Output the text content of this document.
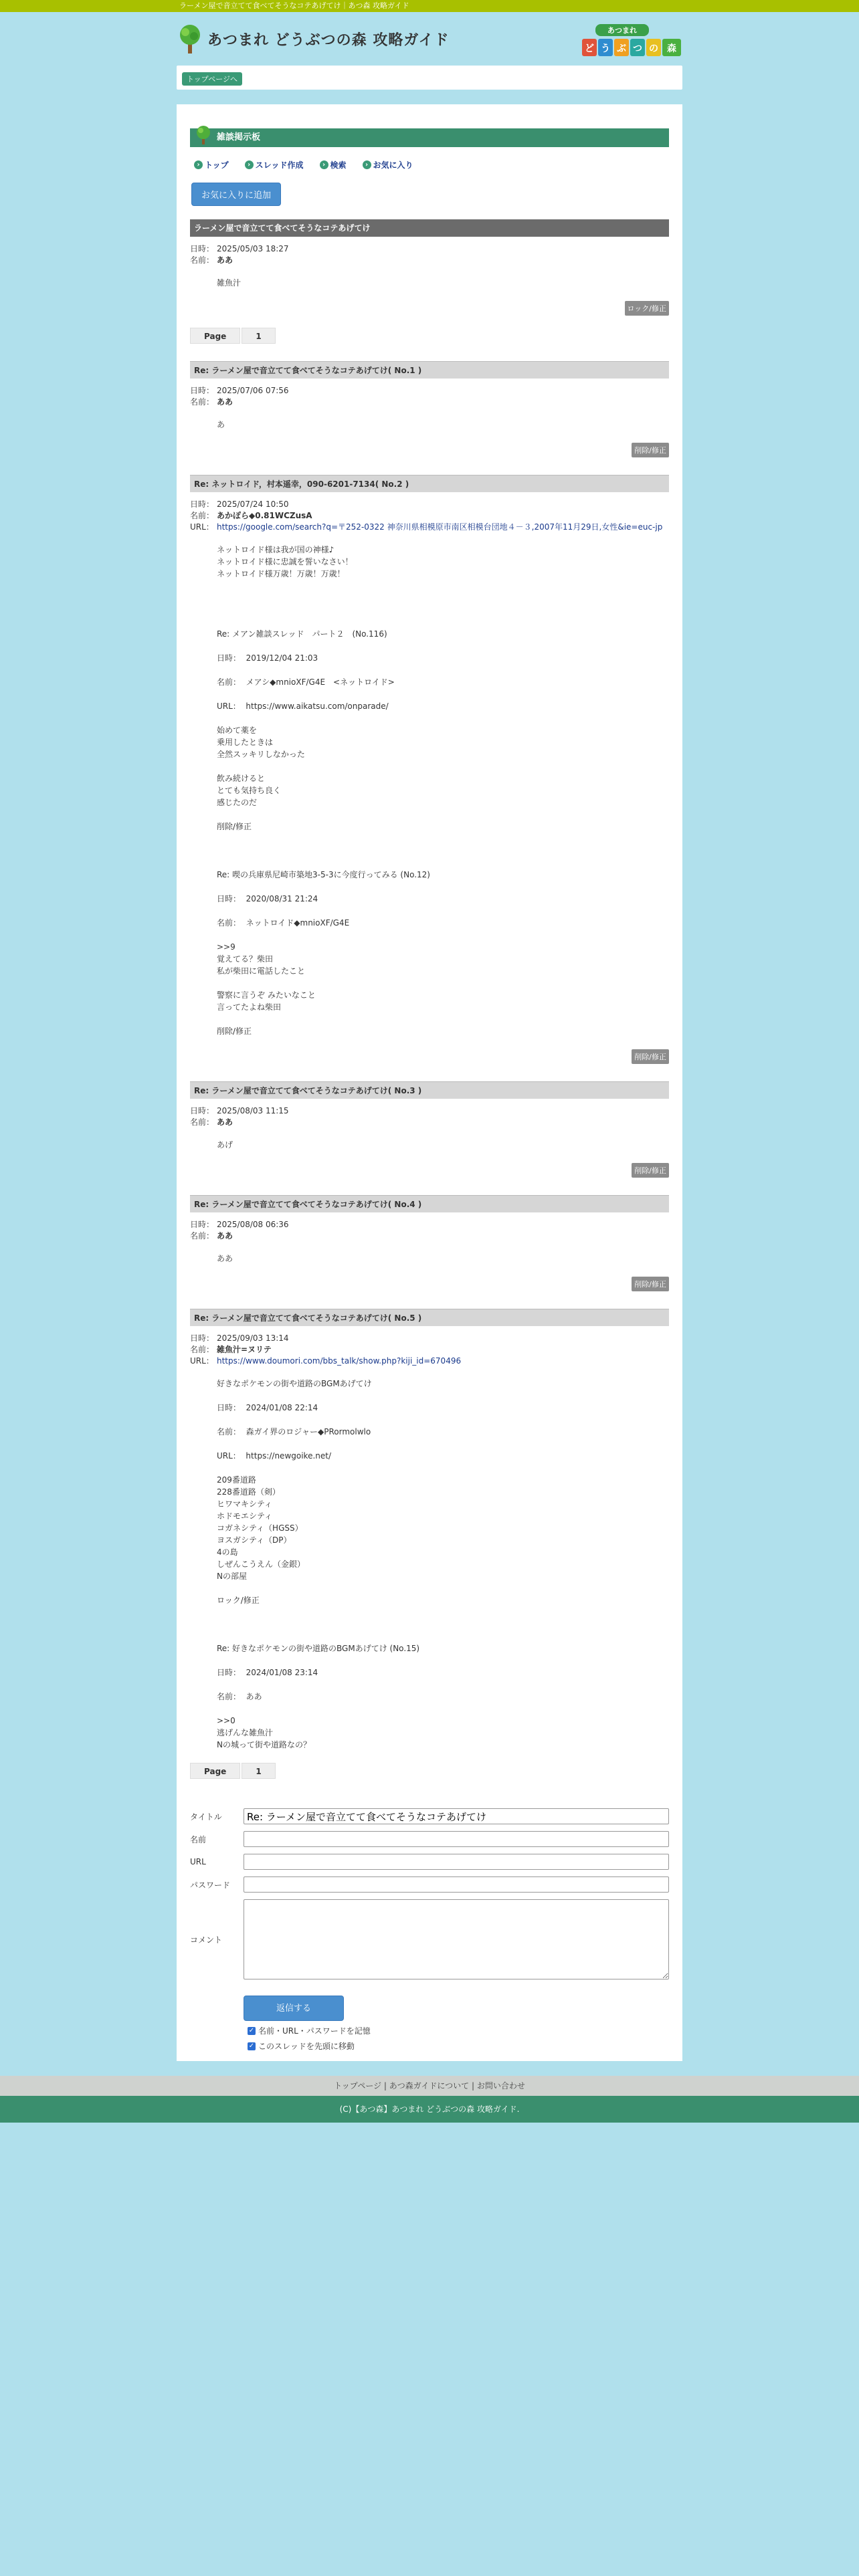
ラーメン屋で音立てて食べてそうなコテあげてけ｜あつ森 攻略ガイド
あつまれ どうぶつの森 攻略ガイド
あつまれ
ど う ぶ つ の 森
トップページへ
雑談掲示板
› トップ	› スレッド作成	› 検索	› お気に入り
お気に入りに追加
ラーメン屋で音立てて食べてそうなコテあげてけ
日時： 2025/05/03 18:27
名前： ああ
雑魚汁
ロック/修正
Page	1
Re: ラーメン屋で音立てて食べてそうなコテあげてけ( No.1 )
日時： 2025/07/06 07:56
名前： ああ
あ
削除/修正
Re: ネットロイド，村本遥幸，090-6201-7134( No.2 )
日時： 2025/07/24 10:50
名前： あかぽら◆0.81WCZusA
URL： https://google.com/search?q=〒252-0322 神奈川県相模原市南区相模台団地４－３,2007年11月29日,女性&ie=euc-jp
ネットロイド様は我が国の神様♪
ネットロイド様に忠誠を誓いなさい！
ネットロイド様万歳！万歳！万歳！

Re: メアン雑談スレッド　パート２　(No.116)

日時：  2019/12/04 21:03

名前：  メアシ◆mnioXF/G4E　<ネットロイド>

URL：  https://www.aikatsu.com/onparade/

始めて薬を
乗用したときは
全然スッキリしなかった

飲み続けると
とても気持ち良く
感じたのだ

削除/修正

Re: 喫の兵庫県尼崎市築地3-5-3に今度行ってみる (No.12)

日時：  2020/08/31 21:24

名前：  ネットロイド◆mnioXF/G4E

>>9
覚えてる？柴田
私が柴田に電話したこと

警察に言うぞ みたいなこと
言ってたよね柴田

削除/修正
削除/修正
Re: ラーメン屋で音立てて食べてそうなコテあげてけ( No.3 )
日時： 2025/08/03 11:15
名前： ああ
あげ
削除/修正
Re: ラーメン屋で音立てて食べてそうなコテあげてけ( No.4 )
日時： 2025/08/08 06:36
名前： ああ
ああ
削除/修正
Re: ラーメン屋で音立てて食べてそうなコテあげてけ( No.5 )
日時： 2025/09/03 13:14
名前： 雑魚汁=ヌリテ
URL： https://www.doumori.com/bbs_talk/show.php?kiji_id=670496
好きなポケモンの街や道路のBGMあげてけ

日時：  2024/01/08 22:14

名前：  森ガイ界のロジャー◆PRormolwlo

URL：  https://newgoike.net/

209番道路
228番道路（剣）
ヒワマキシティ
ホドモエシティ
コガネシティ（HGSS）
ヨスガシティ（DP）
4の島
しぜんこうえん（金銀）
Nの部屋

ロック/修正

Re: 好きなポケモンの街や道路のBGMあげてけ (No.15)

日時：  2024/01/08 23:14

名前：  ああ

>>0
逃げんな雑魚汁
Nの城って街や道路なの？
Page	1
タイトル
Re: ラーメン屋で音立てて食べてそうなコテあげてけ
名前
URL
パスワード
コメント
返信する
✓ 名前・URL・パスワードを記憶
✓ このスレッドを先頭に移動
トップページ | あつ森ガイドについて | お問い合わせ
(C)【あつ森】あつまれ どうぶつの森 攻略ガイド.
